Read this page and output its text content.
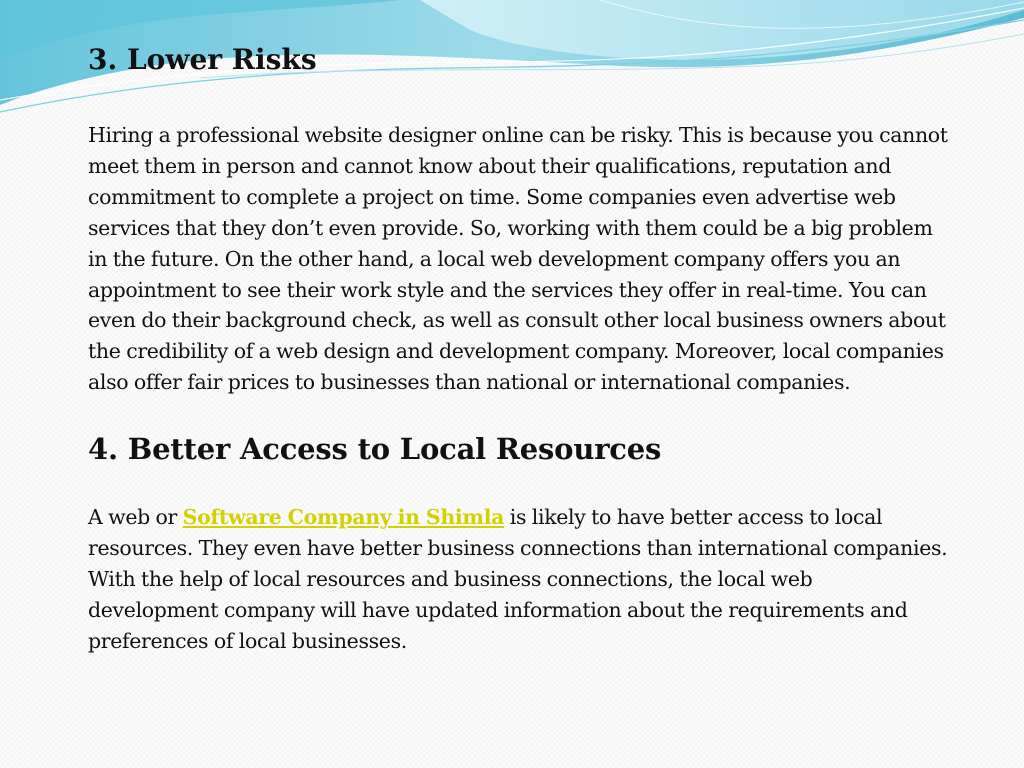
3. Lower Risks

Hiring a professional website designer online can be risky. This is because you cannot meet them in person and cannot know about their qualifications, reputation and commitment to complete a project on time. Some companies even advertise web services that they don’t even provide. So, working with them could be a big problem in the future. On the other hand, a local web development company offers you an appointment to see their work style and the services they offer in real-time. You can even do their background check, as well as consult other local business owners about the credibility of a web design and development company. Moreover, local companies also offer fair prices to businesses than national or international companies.

4. Better Access to Local Resources

A web or Software Company in Shimla is likely to have better access to local resources. They even have better business connections than international companies. With the help of local resources and business connections, the local web development company will have updated information about the requirements and preferences of local businesses.
